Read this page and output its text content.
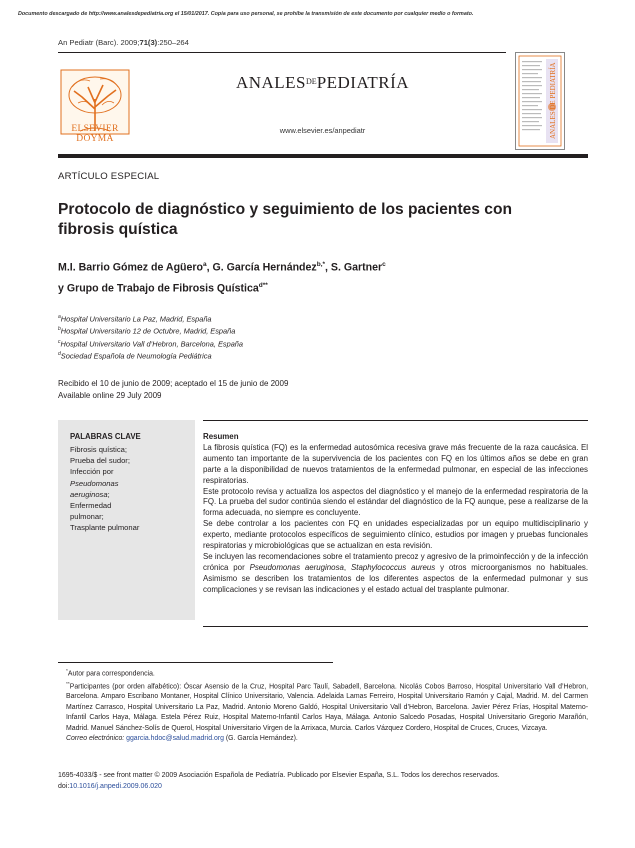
Documento descargado de http://www.analesdepediatria.org el 15/01/2017. Copia para uso personal, se prohíbe la transmisión de este documento por cualquier medio o formato.
An Pediatr (Barc). 2009;71(3):250–264
ELSEVIER
DOYMA
$ANALES^{DE}PEDIATRÍA$
www.elsevier.es/anpediatr	ANALES DE PEDIATRÍA
ARTÍCULO ESPECIAL
Protocolo de diagnóstico y seguimiento de los pacientes con fibrosis quística
M.I. Barrio Gómez de Agüero$^a$, G. García Hernández$^{b,*}$, S. Gartner$^c$
y Grupo de Trabajo de Fibrosis Quística$^{d**}$
$^a$Hospital Universitario La Paz, Madrid, España
$^b$Hospital Universitario 12 de Octubre, Madrid, España
$^c$Hospital Universitario Vall d’Hebron, Barcelona, España
$^d$Sociedad Española de Neumología Pediátrica
Recibido el 10 de junio de 2009; aceptado el 15 de junio de 2009
Available online 29 July 2009
PALABRAS CLAVE
Fibrosis quística;
Prueba del sudor;
Infección por
Pseudomonas
aeruginosa;
Enfermedad
pulmonar;
Trasplante pulmonar

Resumen

La fibrosis quística (FQ) es la enfermedad autosómica recesiva grave más frecuente de la raza caucásica. El aumento tan importante de la supervivencia de los pacientes con FQ en los últimos años se debe en gran parte a la disponibilidad de nuevos tratamientos de la enfermedad pulmonar, en especial de las infecciones respiratorias.

Este protocolo revisa y actualiza los aspectos del diagnóstico y el manejo de la enfermedad respiratoria de la FQ. La prueba del sudor continúa siendo el estándar del diagnóstico de la FQ aunque, pese a realizarse de la forma adecuada, no siempre es concluyente.

Se debe controlar a los pacientes con FQ en unidades especializadas por un equipo multidisciplinario y experto, mediante protocolos específicos de seguimiento clínico, estudios por imagen y pruebas funcionales respiratorias y microbiológicas que se actualizan en esta revisión.

Se incluyen las recomendaciones sobre el tratamiento precoz y agresivo de la primoinfección y de la infección crónica por Pseudomonas aeruginosa, Staphylococcus aureus y otros microorganismos no habituales. Asimismo se describen los tratamientos de los diferentes aspectos de la enfermedad pulmonar y sus complicaciones y se revisan las indicaciones y el estado actual del trasplante pulmonar.

*Autor para correspondencia.

**Participantes (por orden alfabético): Óscar Asensio de la Cruz, Hospital Parc Taulí, Sabadell, Barcelona. Nicolás Cobos Barroso, Hospital Universitario Vall d’Hebron, Barcelona. Amparo Escribano Montaner, Hospital Clínico Universitario, Valencia. Adelaida Lamas Ferreiro, Hospital Universitario Ramón y Cajal, Madrid. M. del Carmen Martínez Carrasco, Hospital Universitario La Paz, Madrid. Antonio Moreno Galdó, Hospital Universitario Vall d’Hebron, Barcelona. Javier Pérez Frías, Hospital Materno-Infantil Carlos Haya, Málaga. Estela Pérez Ruiz, Hospital Materno-Infantil Carlos Haya, Málaga. Antonio Salcedo Posadas, Hospital Universitario Gregorio Marañón, Madrid. Manuel Sánchez-Solís de Querol, Hospital Universitario Virgen de la Arrixaca, Murcia. Carlos Vázquez Cordero, Hospital de Cruces, Cruces, Vizcaya.

Correo electrónico: ggarcia.hdoc@salud.madrid.org (G. García Hernández).

1695-4033/$ - see front matter © 2009 Asociación Española de Pediatría. Publicado por Elsevier España, S.L. Todos los derechos reservados.
doi:10.1016/j.anpedi.2009.06.020
